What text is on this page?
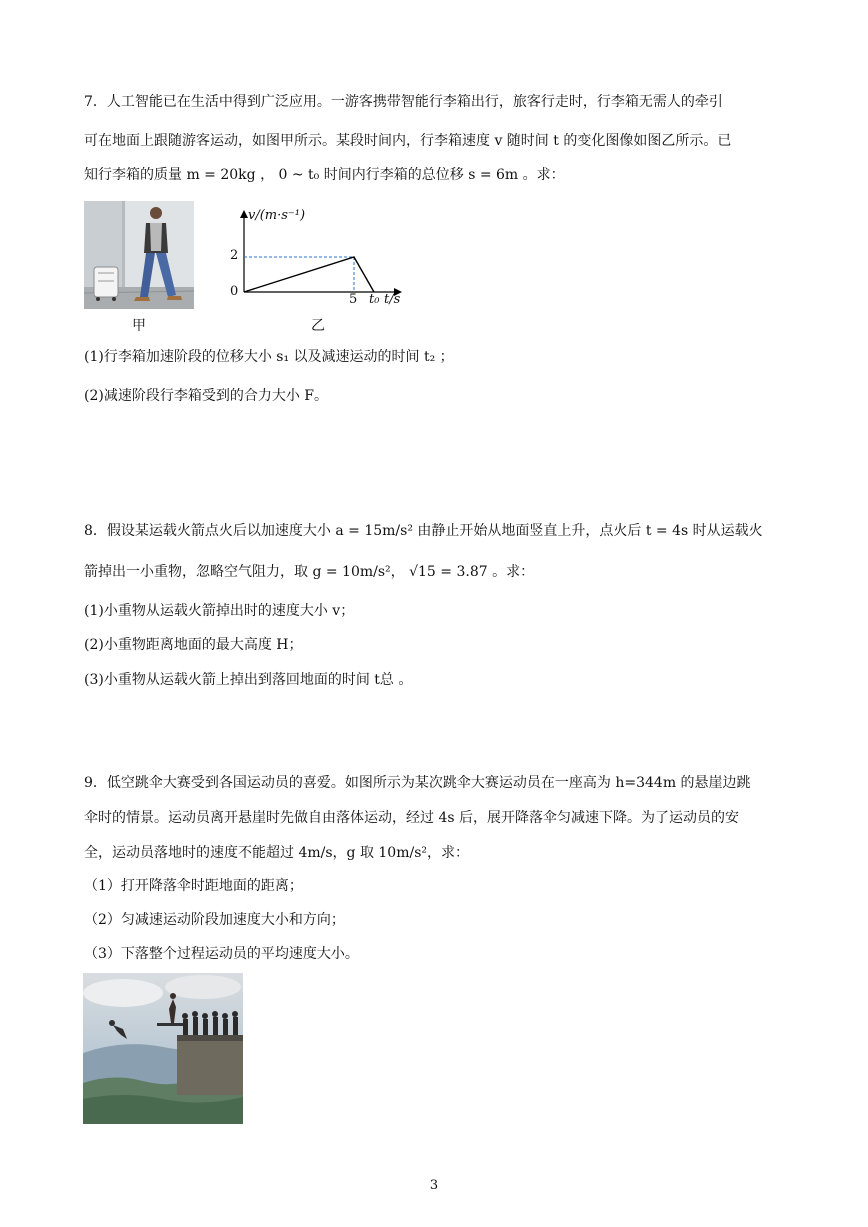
7．人工智能已在生活中得到广泛应用。一游客携带智能行李箱出行，旅客行走时，行李箱无需人的牵引
可在地面上跟随游客运动，如图甲所示。某段时间内，行李箱速度 v 随时间 t 的变化图像如图乙所示。已
知行李箱的质量 m = 20kg ， 0 ~ t₀ 时间内行李箱的总位移 s = 6m 。求：
甲
v/(m·s⁻¹)
2
0
5 t₀ t/s
乙
(1)行李箱加速阶段的位移大小 s₁ 以及减速运动的时间 t₂ ；
(2)减速阶段行李箱受到的合力大小 F。
8．假设某运载火箭点火后以加速度大小 a = 15m/s² 由静止开始从地面竖直上升，点火后 t = 4s 时从运载火
箭掉出一小重物，忽略空气阻力，取 g = 10m/s²， √15 = 3.87 。求：
(1)小重物从运载火箭掉出时的速度大小 v；
(2)小重物距离地面的最大高度 H；
(3)小重物从运载火箭上掉出到落回地面的时间 t总 。
9．低空跳伞大赛受到各国运动员的喜爱。如图所示为某次跳伞大赛运动员在一座高为 h=344m 的悬崖边跳
伞时的情景。运动员离开悬崖时先做自由落体运动，经过 4s 后，展开降落伞匀减速下降。为了运动员的安
全，运动员落地时的速度不能超过 4m/s，g 取 10m/s²，求：
（1）打开降落伞时距地面的距离；
（2）匀减速运动阶段加速度大小和方向；
（3）下落整个过程运动员的平均速度大小。
3
